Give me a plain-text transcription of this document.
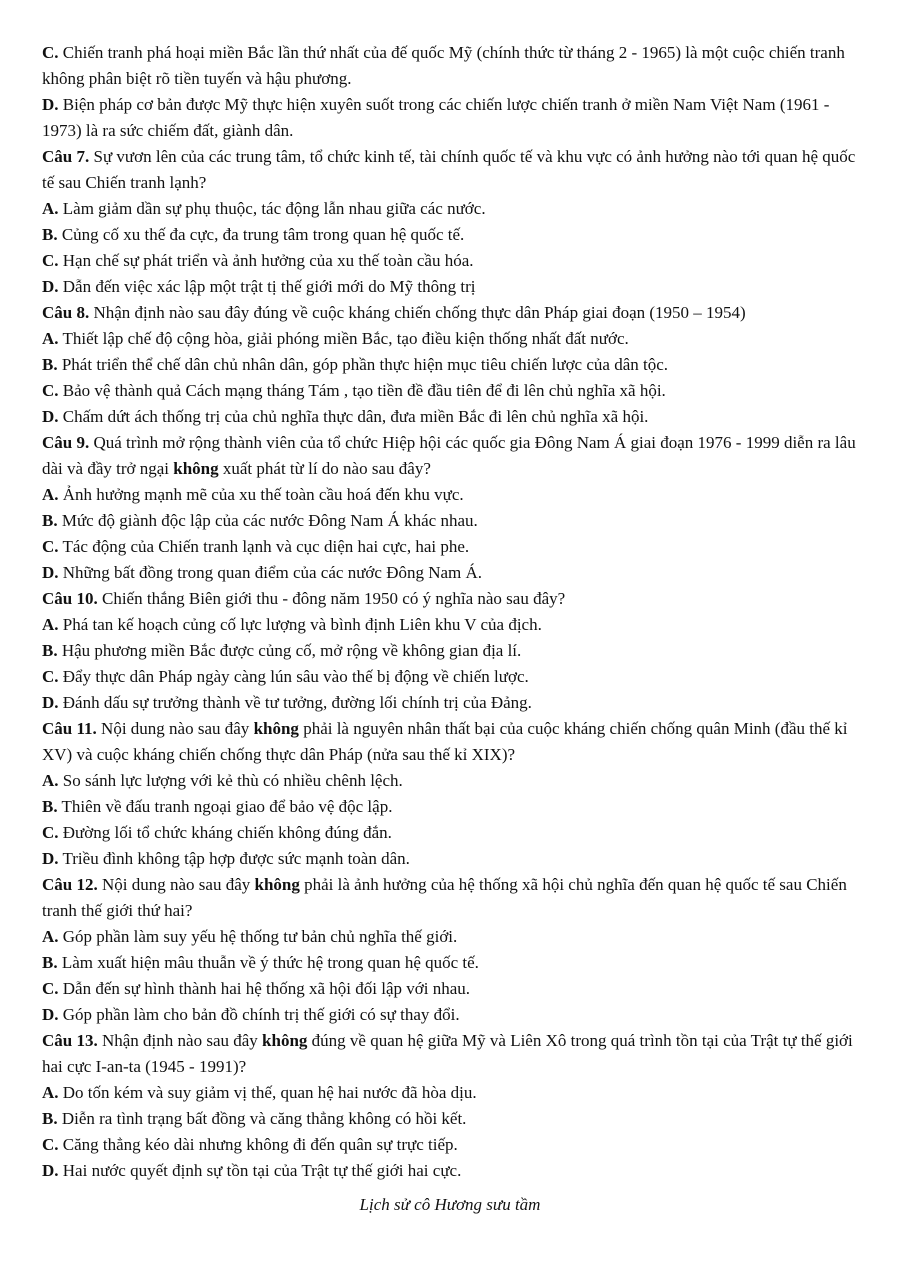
C. Chiến tranh phá hoại miền Bắc lần thứ nhất của đế quốc Mỹ (chính thức từ tháng 2 - 1965) là một cuộc chiến tranh không phân biệt rõ tiền tuyến và hậu phương.

D. Biện pháp cơ bản được Mỹ thực hiện xuyên suốt trong các chiến lược chiến tranh ở miền Nam Việt Nam (1961 - 1973) là ra sức chiếm đất, giành dân.

Câu 7. Sự vươn lên của các trung tâm, tổ chức kinh tế, tài chính quốc tế và khu vực có ảnh hưởng nào tới quan hệ quốc tế sau Chiến tranh lạnh?

A. Làm giảm dần sự phụ thuộc, tác động lẫn nhau giữa các nước.

B. Củng cố xu thế đa cực, đa trung tâm trong quan hệ quốc tế.

C. Hạn chế sự phát triển và ảnh hưởng của xu thế toàn cầu hóa.

D. Dẫn đến việc xác lập một trật tị thế giới mới do Mỹ thông trị

Câu 8. Nhận định nào sau đây đúng về cuộc kháng chiến chống thực dân Pháp giai đoạn (1950 – 1954)

A. Thiết lập chế độ cộng hòa, giải phóng miền Bắc, tạo điều kiện thống nhất đất nước.

B. Phát triển thể chế dân chủ nhân dân, góp phần thực hiện mục tiêu chiến lược của dân tộc.

C. Bảo vệ thành quả Cách mạng tháng Tám , tạo tiền đề đầu tiên để đi lên chủ nghĩa xã hội.

D. Chấm dứt ách thống trị của chủ nghĩa thực dân, đưa miền Bắc đi lên chủ nghĩa xã hội.

Câu 9. Quá trình mở rộng thành viên của tổ chức Hiệp hội các quốc gia Đông Nam Á giai đoạn 1976 - 1999 diễn ra lâu dài và đầy trở ngại không xuất phát từ lí do nào sau đây?

A. Ảnh hưởng mạnh mẽ của xu thế toàn cầu hoá đến khu vực.

B. Mức độ giành độc lập của các nước Đông Nam Á khác nhau.

C. Tác động của Chiến tranh lạnh và cục diện hai cực, hai phe.

D. Những bất đồng trong quan điểm của các nước Đông Nam Á.

Câu 10. Chiến thắng Biên giới thu - đông năm 1950 có ý nghĩa nào sau đây?

A. Phá tan kế hoạch củng cố lực lượng và bình định Liên khu V của địch.

B. Hậu phương miền Bắc được củng cố, mở rộng về không gian địa lí.

C. Đẩy thực dân Pháp ngày càng lún sâu vào thế bị động về chiến lược.

D. Đánh dấu sự trưởng thành về tư tưởng, đường lối chính trị của Đảng.

Câu 11. Nội dung nào sau đây không phải là nguyên nhân thất bại của cuộc kháng chiến chống quân Minh (đầu thế kỉ XV) và cuộc kháng chiến chống thực dân Pháp (nửa sau thế kỉ XIX)?

A. So sánh lực lượng với kẻ thù có nhiều chênh lệch.

B. Thiên về đấu tranh ngoại giao để bảo vệ độc lập.

C. Đường lối tổ chức kháng chiến không đúng đắn.

D. Triều đình không tập hợp được sức mạnh toàn dân.

Câu 12. Nội dung nào sau đây không phải là ảnh hưởng của hệ thống xã hội chủ nghĩa đến quan hệ quốc tế sau Chiến tranh thế giới thứ hai?

A. Góp phần làm suy yếu hệ thống tư bản chủ nghĩa thế giới.

B. Làm xuất hiện mâu thuẫn về ý thức hệ trong quan hệ quốc tế.

C. Dẫn đến sự hình thành hai hệ thống xã hội đối lập với nhau.

D. Góp phần làm cho bản đồ chính trị thế giới có sự thay đổi.

Câu 13. Nhận định nào sau đây không đúng về quan hệ giữa Mỹ và Liên Xô trong quá trình tồn tại của Trật tự thế giới hai cực I-an-ta (1945 - 1991)?

A. Do tốn kém và suy giảm vị thế, quan hệ hai nước đã hòa dịu.

B. Diễn ra tình trạng bất đồng và căng thẳng không có hồi kết.

C. Căng thẳng kéo dài nhưng không đi đến quân sự trực tiếp.

D. Hai nước quyết định sự tồn tại của Trật tự thế giới hai cực.

Lịch sử cô Hương sưu tầm
